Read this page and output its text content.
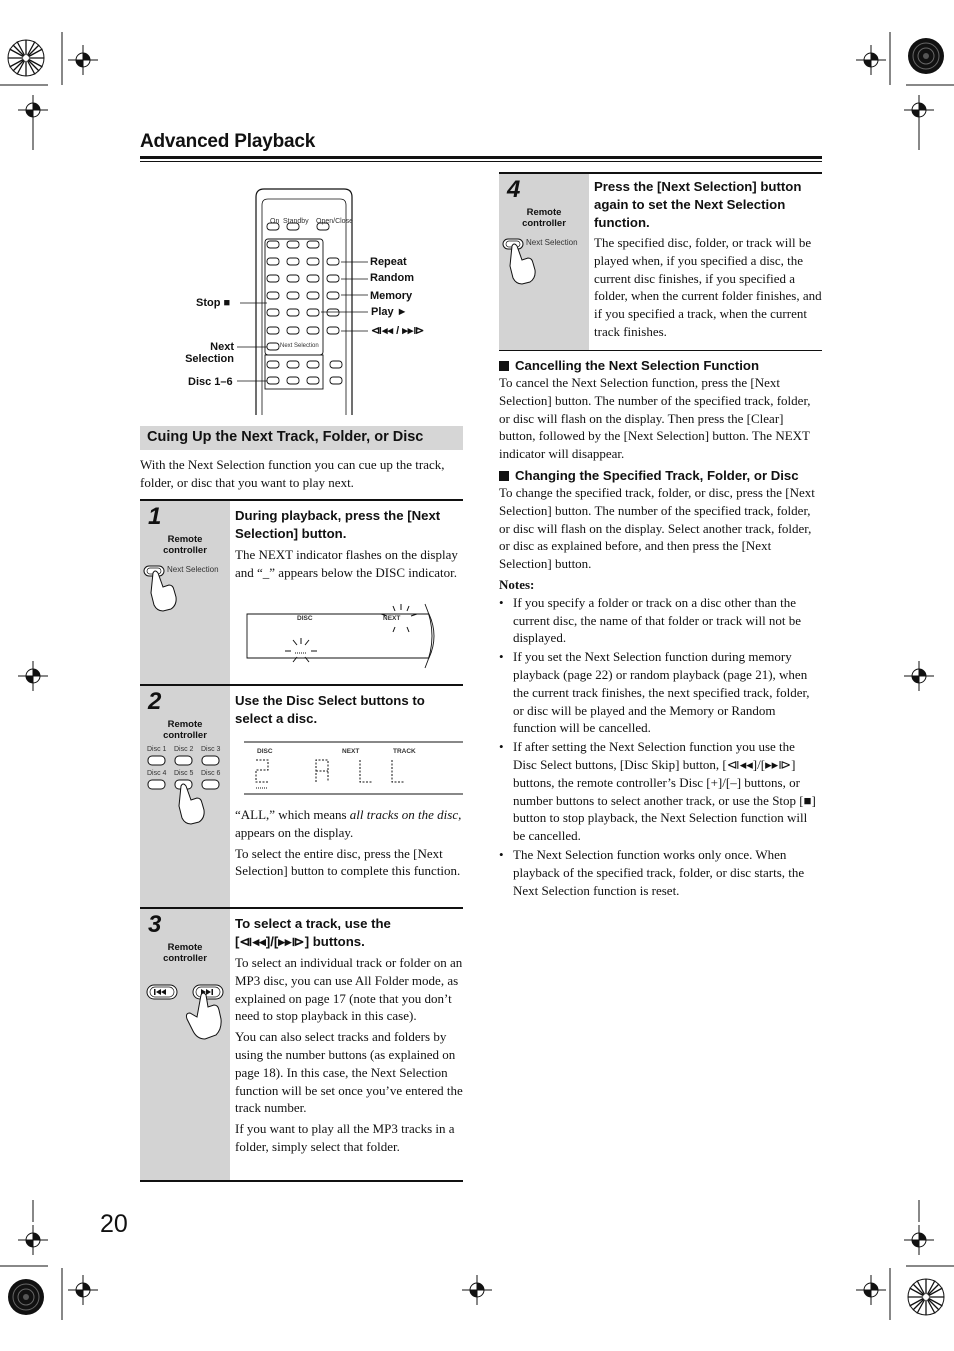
Advanced Playback
On Standby Open/Close
Next Selection
Repeat
Random
Memory
Play ►
⧏◂◂ / ▸▸⧐
Stop ■
Next
Selection
Disc 1–6
Cuing Up the Next Track, Folder, or Disc
With the Next Selection function you can cue up the track, folder, or disc that you want to play next.
1
Remote
controller
Next Selection
During playback, press the [Next Selection] button.
The NEXT indicator flashes on the display and “_” appears below the DISC indicator.
DISC	NEXT
2
Remote
controller
Disc 1 Disc 2 Disc 3
Disc 4 Disc 5 Disc 6
Use the Disc Select buttons to select a disc.
DISC	NEXT	TRACK
“ALL,” which means all tracks on the disc, appears on the display.
To select the entire disc, press the [Next Selection] button to complete this function.
3
Remote
controller
To select a track, use the [⧏◂◂]/[▸▸⧐] buttons.
To select an individual track or folder on an MP3 disc, you can use All Folder mode, as explained on page 17 (note that you don’t need to stop playback in this case).
You can also select tracks and folders by using the number buttons (as explained on page 18). In this case, the Next Selection function will be set once you’ve entered the track number.
If you want to play all the MP3 tracks in a folder, simply select that folder.
4
Remote
controller
Next Selection
Press the [Next Selection] button again to set the Next Selection function.
The specified disc, folder, or track will be played when, if you specified a disc, the current disc finishes, if you specified a folder, when the current folder finishes, and if you specified a track, when the current track finishes.
Cancelling the Next Selection Function
To cancel the Next Selection function, press the [Next Selection] button. The number of the specified track, folder, or disc will flash on the display. Then press the [Clear] button, followed by the [Next Selection] button. The NEXT indicator will disappear.
Changing the Specified Track, Folder, or Disc
To change the specified track, folder, or disc, press the [Next Selection] button. The number of the specified track, folder, or disc will flash on the display. Select another track, folder, or disc as explained before, and then press the [Next Selection] button.
Notes:
• If you specify a folder or track on a disc other than the current disc, the name of that folder or track will not be displayed.
• If you set the Next Selection function during memory playback (page 22) or random playback (page 21), when the current track finishes, the next specified track, folder, or disc will be played and the Memory or Random function will be cancelled.
• If after setting the Next Selection function you use the Disc Select buttons, [Disc Skip] button, [⧏◂◂]/[▸▸⧐] buttons, the remote controller’s Disc [+]/[–] buttons, or number buttons to select another track, or use the Stop [■] button to stop playback, the Next Selection function will be cancelled.
• The Next Selection function works only once. When playback of the specified track, folder, or disc starts, the Next Selection function is reset.
20
